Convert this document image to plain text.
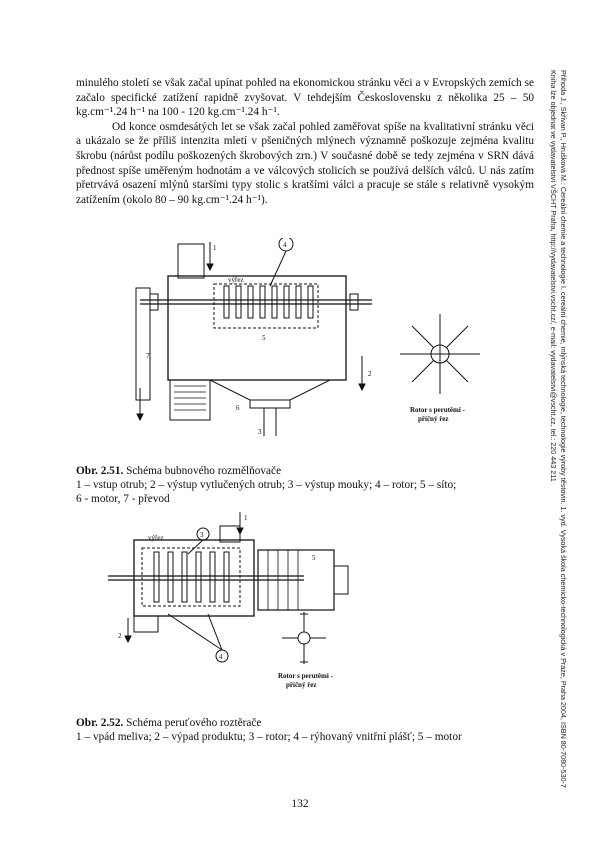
Příhoda J., Skřivan P., Hrušková M.: Cereální chemie a technologie I. cereální chemie, mlýnská technologie, technologie výroby těstovin. 1. vyd. Vysoká škola chemicko-technologická v Praze, Praha 2004, ISBN 80-7080-530-7
Kniha lze objednat ve vydavatelství VŠCHT Praha, http://vydavatelstvi.vscht.cz/, e-mail: vydavatelstvi@vscht.cz, tel.: 220 443 211

minulého století se však začal upínat pohled na ekonomickou stránku věci a v Evropských zemích se začalo specifické zatížení rapidně zvyšovat. V tehdejším Československu z několika 25 – 50 kg.cm⁻¹.24 h⁻¹ na 100 - 120 kg.cm⁻¹.24 h⁻¹.

Od konce osmdesátých let se však začal pohled zaměřovat spíše na kvalitativní stránku věci a ukázalo se že příliš intenzita mletí v pšeničných mlýnech významně poškozuje zejména kvalitu škrobu (nárůst podílu poškozených škrobových zrn.) V současné době se tedy zejména v SRN dává přednost spíše uměřeným hodnotám a ve válcových stolicích se používá delších válců. U nás zatím přetrvává osazení mlýnů staršími typy stolic s kratšími válci a pracuje se stále s relativně vysokým zatížením (okolo 80 – 90 kg.cm⁻¹.24 h⁻¹).

1	4
výřez
5
7
2
6
3
Rotor s perutěmi -
příčný řez
Obr. 2.51. Schéma bubnového rozmělňovače
1 – vstup otrub; 2 – výstup vytlučených otrub; 3 – výstup mouky; 4 – rotor; 5 – síto;
6 - motor, 7 - převod
1
3
výřez
5
2
4
Rotor s perutěmi -
příčný řez
Obr. 2.52. Schéma peruťového roztěrače
1 – vpád meliva; 2 – výpad produktu; 3 – rotor; 4 – rýhovaný vnitřní plášť; 5 – motor
132
